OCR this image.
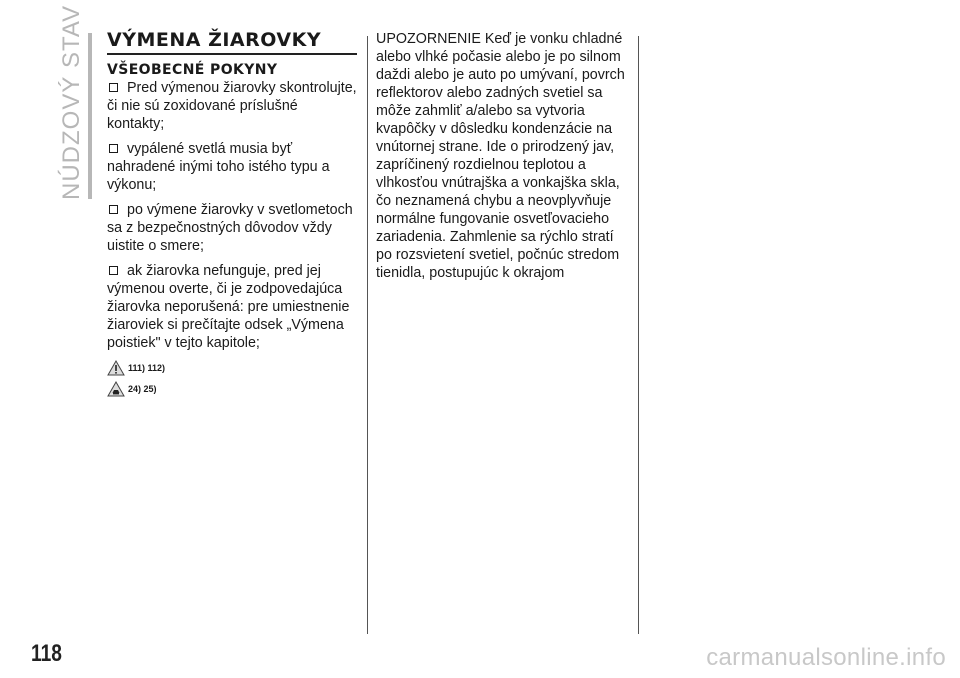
NÚDZOVÝ STAV	VÝMENA ŽIAROVKY
VŠEOBECNÉ POKYNY
Pred výmenou žiarovky skontrolujte, či nie sú zoxidované príslušné kontakty;
vypálené svetlá musia byť nahradené inými toho istého typu a výkonu;
po výmene žiarovky v svetlometoch sa z bezpečnostných dôvodov vždy uistite o smere;
ak žiarovka nefunguje, pred jej výmenou overte, či je zodpovedajúca žiarovka neporušená: pre umiestnenie žiaroviek si prečítajte odsek „Výmena poistiek" v tejto kapitole;
111) 112)
24) 25)
UPOZORNENIE Keď je vonku chladné alebo vlhké počasie alebo je po silnom daždi alebo je auto po umývaní, povrch reflektorov alebo zadných svetiel sa môže zahmliť a/alebo sa vytvoria kvapôčky v dôsledku kondenzácie na vnútornej strane. Ide o prirodzený jav, zapríčinený rozdielnou teplotou a vlhkosťou vnútrajška a vonkajška skla, čo neznamená chybu a neovplyvňuje normálne fungovanie osvetľovacieho zariadenia. Zahmlenie sa rýchlo stratí po rozsvietení svetiel, počnúc stredom tienidla, postupujúc k okrajom
118	carmanualsonline.info
